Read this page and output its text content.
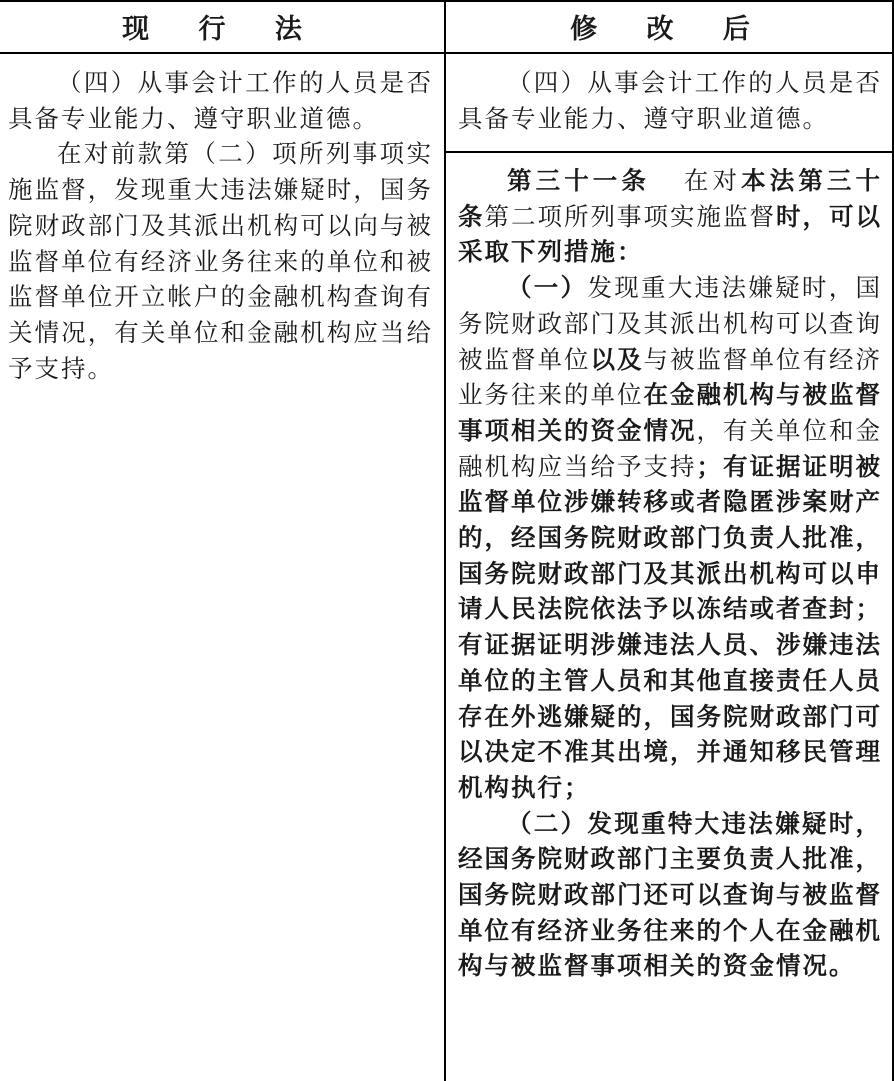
现 行 法	修 改 后

（四）从事会计工作的人员是否具备专业能力、遵守职业道德。

在对前款第（二）项所列事项实施监督，发现重大违法嫌疑时，国务院财政部门及其派出机构可以向与被监督单位有经济业务往来的单位和被监督单位开立帐户的金融机构查询有关情况，有关单位和金融机构应当给予支持。

（四）从事会计工作的人员是否具备专业能力、遵守职业道德。

第三十一条 在对本法第三十条第二项所列事项实施监督时，可以采取下列措施：

（一）发现重大违法嫌疑时，国务院财政部门及其派出机构可以查询被监督单位以及与被监督单位有经济业务往来的单位在金融机构与被监督事项相关的资金情况，有关单位和金融机构应当给予支持；有证据证明被监督单位涉嫌转移或者隐匿涉案财产的，经国务院财政部门负责人批准，国务院财政部门及其派出机构可以申请人民法院依法予以冻结或者查封；有证据证明涉嫌违法人员、涉嫌违法单位的主管人员和其他直接责任人员存在外逃嫌疑的，国务院财政部门可以决定不准其出境，并通知移民管理机构执行；

（二）发现重特大违法嫌疑时，经国务院财政部门主要负责人批准，国务院财政部门还可以查询与被监督单位有经济业务往来的个人在金融机构与被监督事项相关的资金情况。
